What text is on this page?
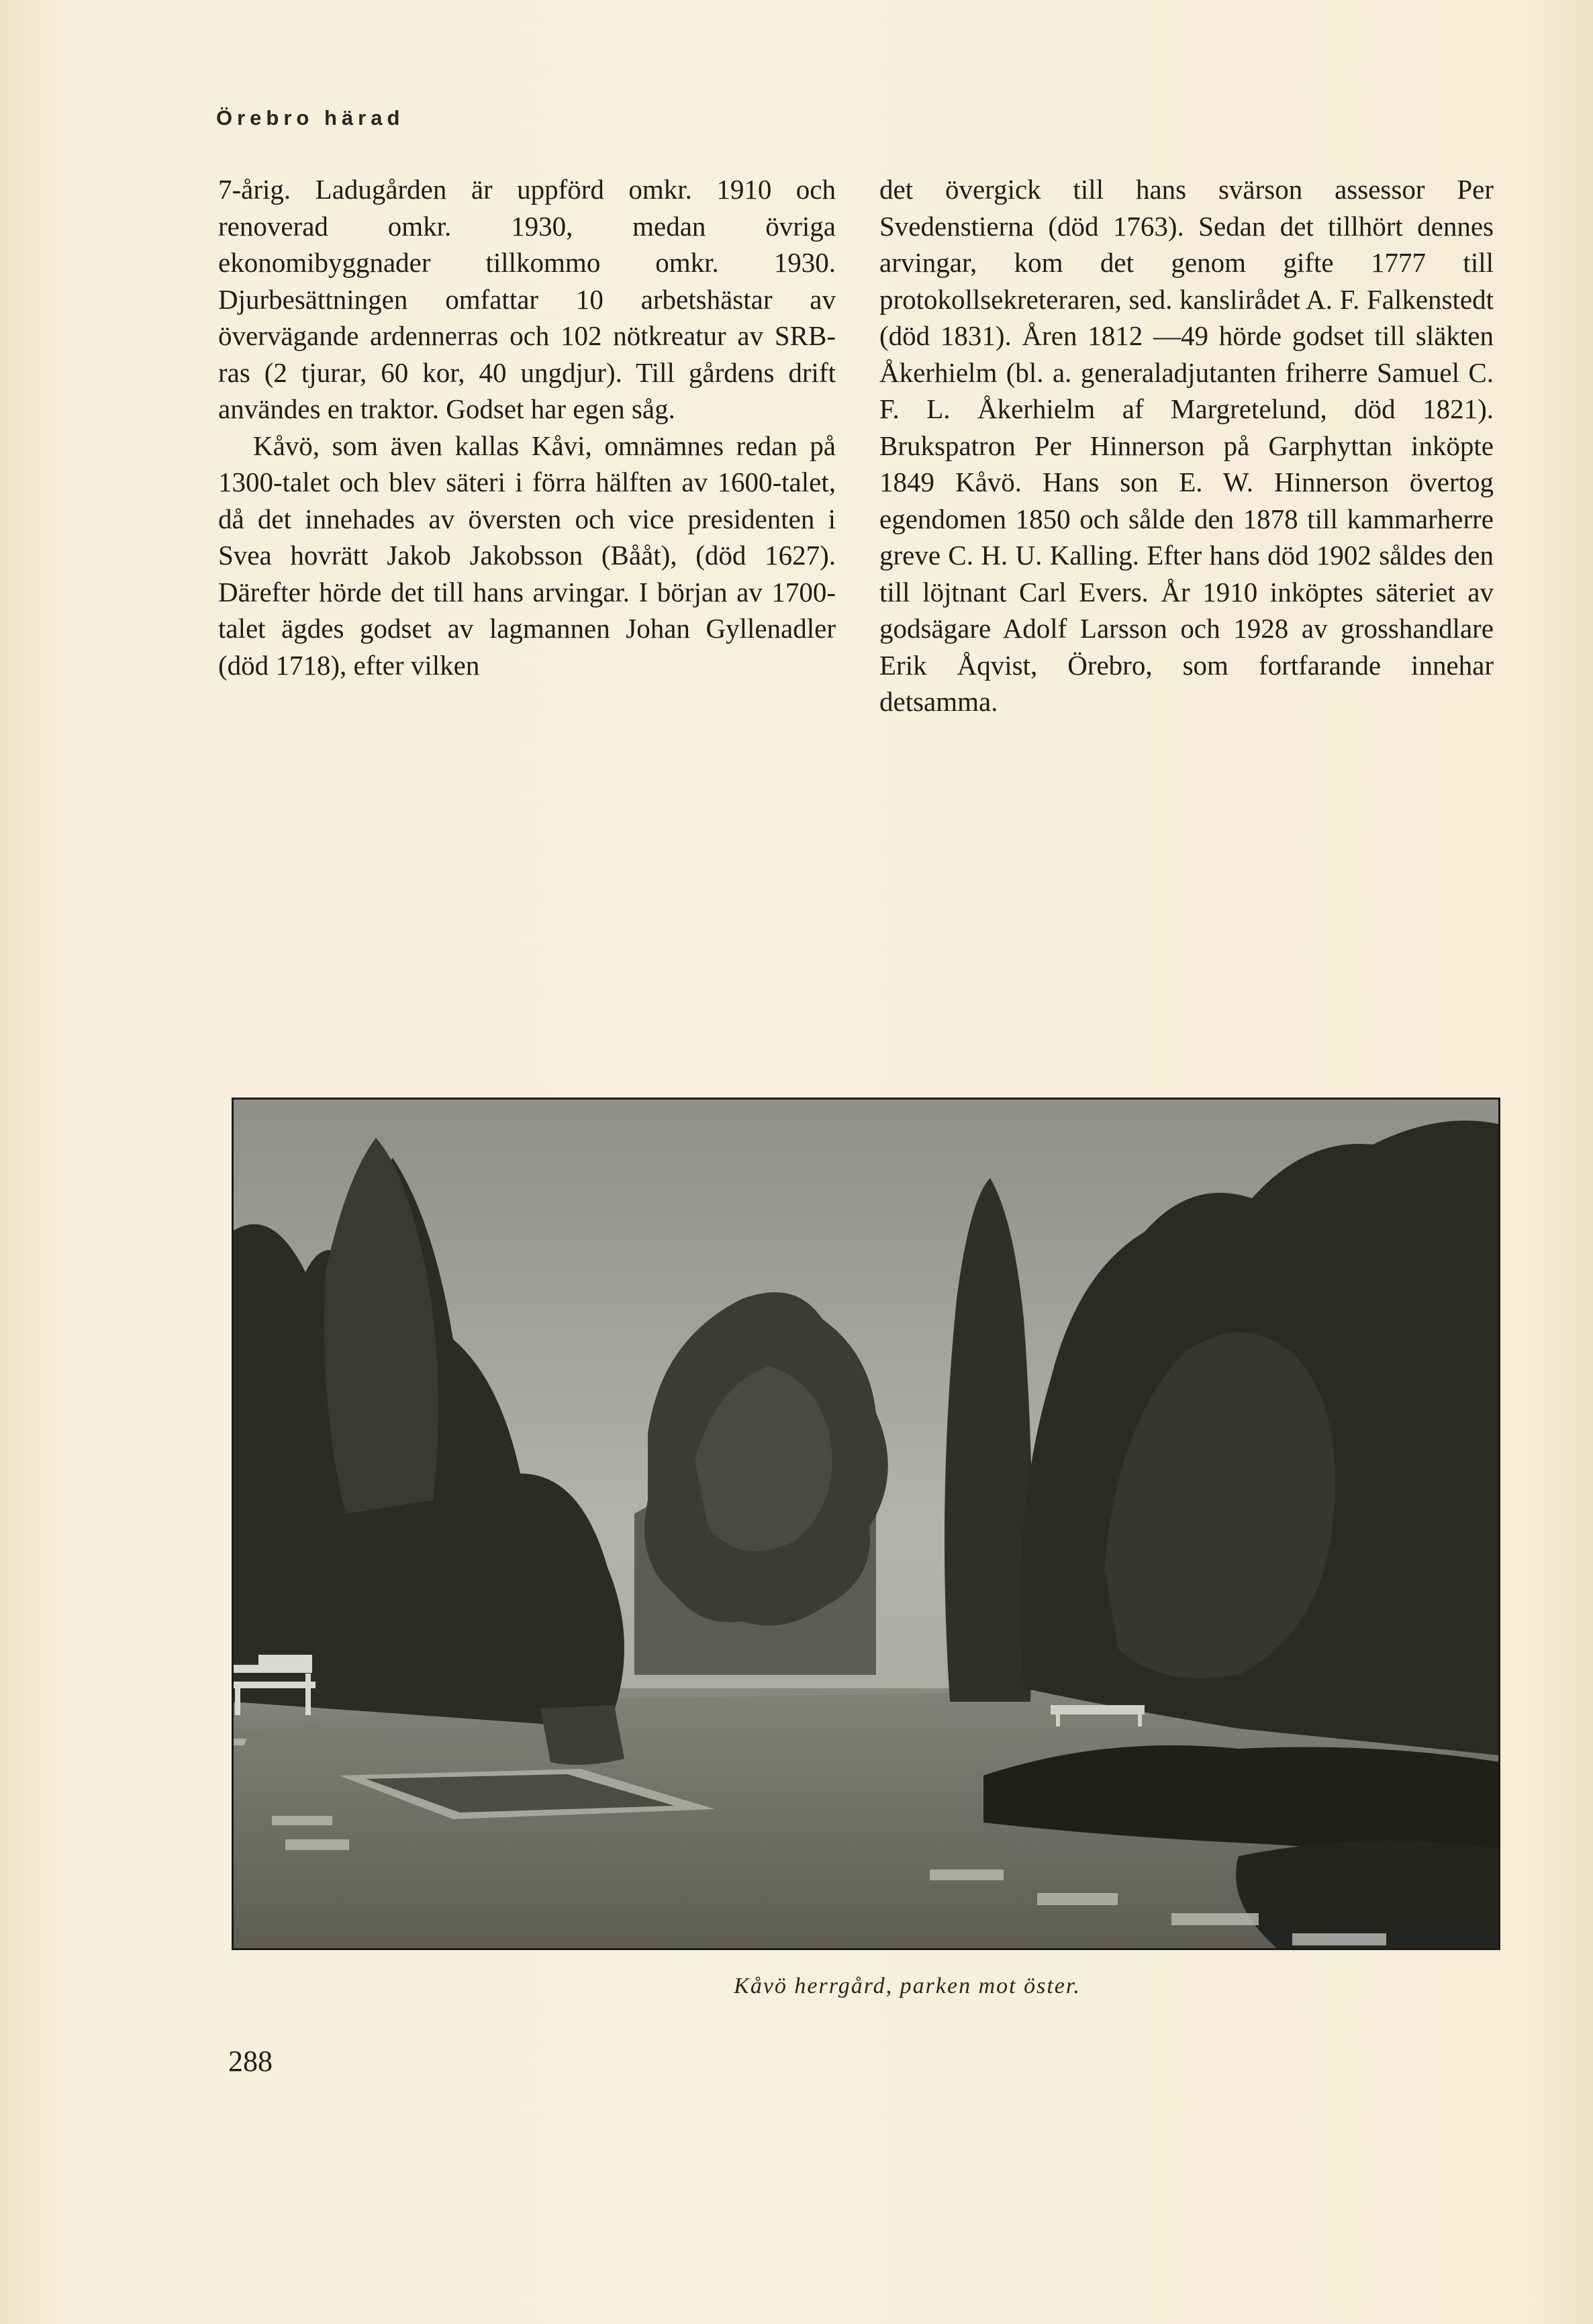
Örebro härad

7-årig. Ladugården är uppförd omkr. 1910 och renoverad omkr. 1930, medan övriga ekonomibyggnader tillkommo omkr. 1930. Djurbesättningen omfattar 10 arbetshästar av övervägande ardennerras och 102 nötkreatur av SRB-ras (2 tjurar, 60 kor, 40 ungdjur). Till gårdens drift användes en traktor. Godset har egen såg.

Kåvö, som även kallas Kåvi, omnämnes redan på 1300-talet och blev säteri i förra hälften av 1600-talet, då det innehades av översten och vice presidenten i Svea hovrätt Jakob Jakobsson (Bååt), (död 1627). Därefter hörde det till hans arvingar. I början av 1700-talet ägdes godset av lagmannen Johan Gyllenadler (död 1718), efter vilken

det övergick till hans svärson assessor Per Svedenstierna (död 1763). Sedan det tillhört dennes arvingar, kom det genom gifte 1777 till protokollsekreteraren, sed. kanslirådet A. F. Falkenstedt (död 1831). Åren 1812 —49 hörde godset till släkten Åkerhielm (bl. a. generaladjutanten friherre Samuel C. F. L. Åkerhielm af Margretelund, död 1821). Brukspatron Per Hinnerson på Garphyttan inköpte 1849 Kåvö. Hans son E. W. Hinnerson övertog egendomen 1850 och sålde den 1878 till kammarherre greve C. H. U. Kalling. Efter hans död 1902 såldes den till löjtnant Carl Evers. År 1910 inköptes säteriet av godsägare Adolf Larsson och 1928 av grosshandlare Erik Åqvist, Örebro, som fortfarande innehar detsamma.

Kåvö herrgård, parken mot öster.
288
